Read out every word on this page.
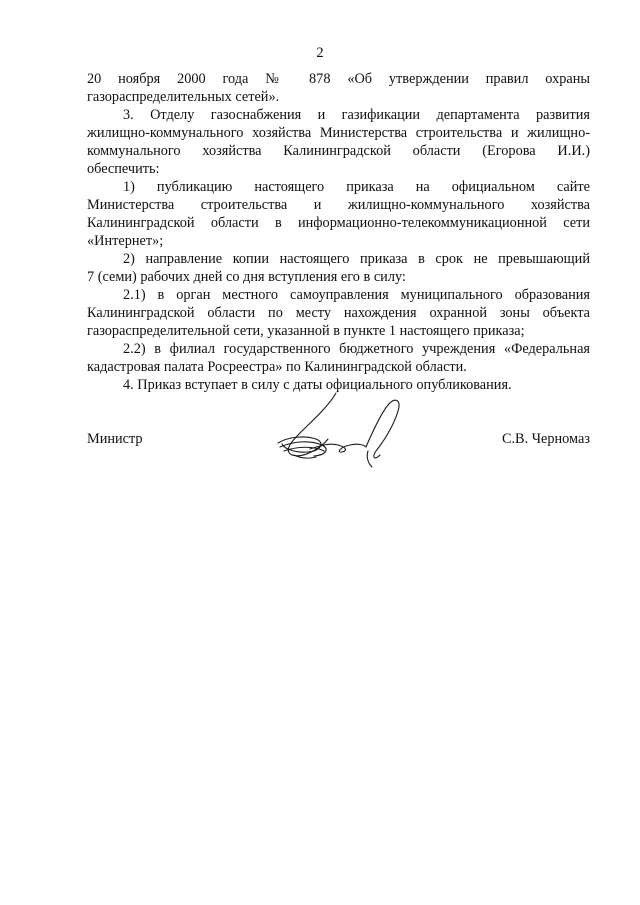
2
20 ноября 2000 года № 878 «Об утверждении правил охраны
газораспределительных сетей».
3. Отделу газоснабжения и газификации департамента развития
жилищно-коммунального хозяйства Министерства строительства и жилищно-
коммунального хозяйства Калининградской области (Егорова И.И.)
обеспечить:
1) публикацию настоящего приказа на официальном сайте
Министерства строительства и жилищно-коммунального хозяйства
Калининградской области в информационно-телекоммуникационной сети
«Интернет»;
2) направление копии настоящего приказа в срок не превышающий
7 (семи) рабочих дней со дня вступления его в силу:
2.1) в орган местного самоуправления муниципального образования
Калининградской области по месту нахождения охранной зоны объекта
газораспределительной сети, указанной в пункте 1 настоящего приказа;
2.2) в филиал государственного бюджетного учреждения «Федеральная
кадастровая палата Росреестра» по Калининградской области.
4. Приказ вступает в силу с даты официального опубликования.
Министр	С.В. Черномаз
